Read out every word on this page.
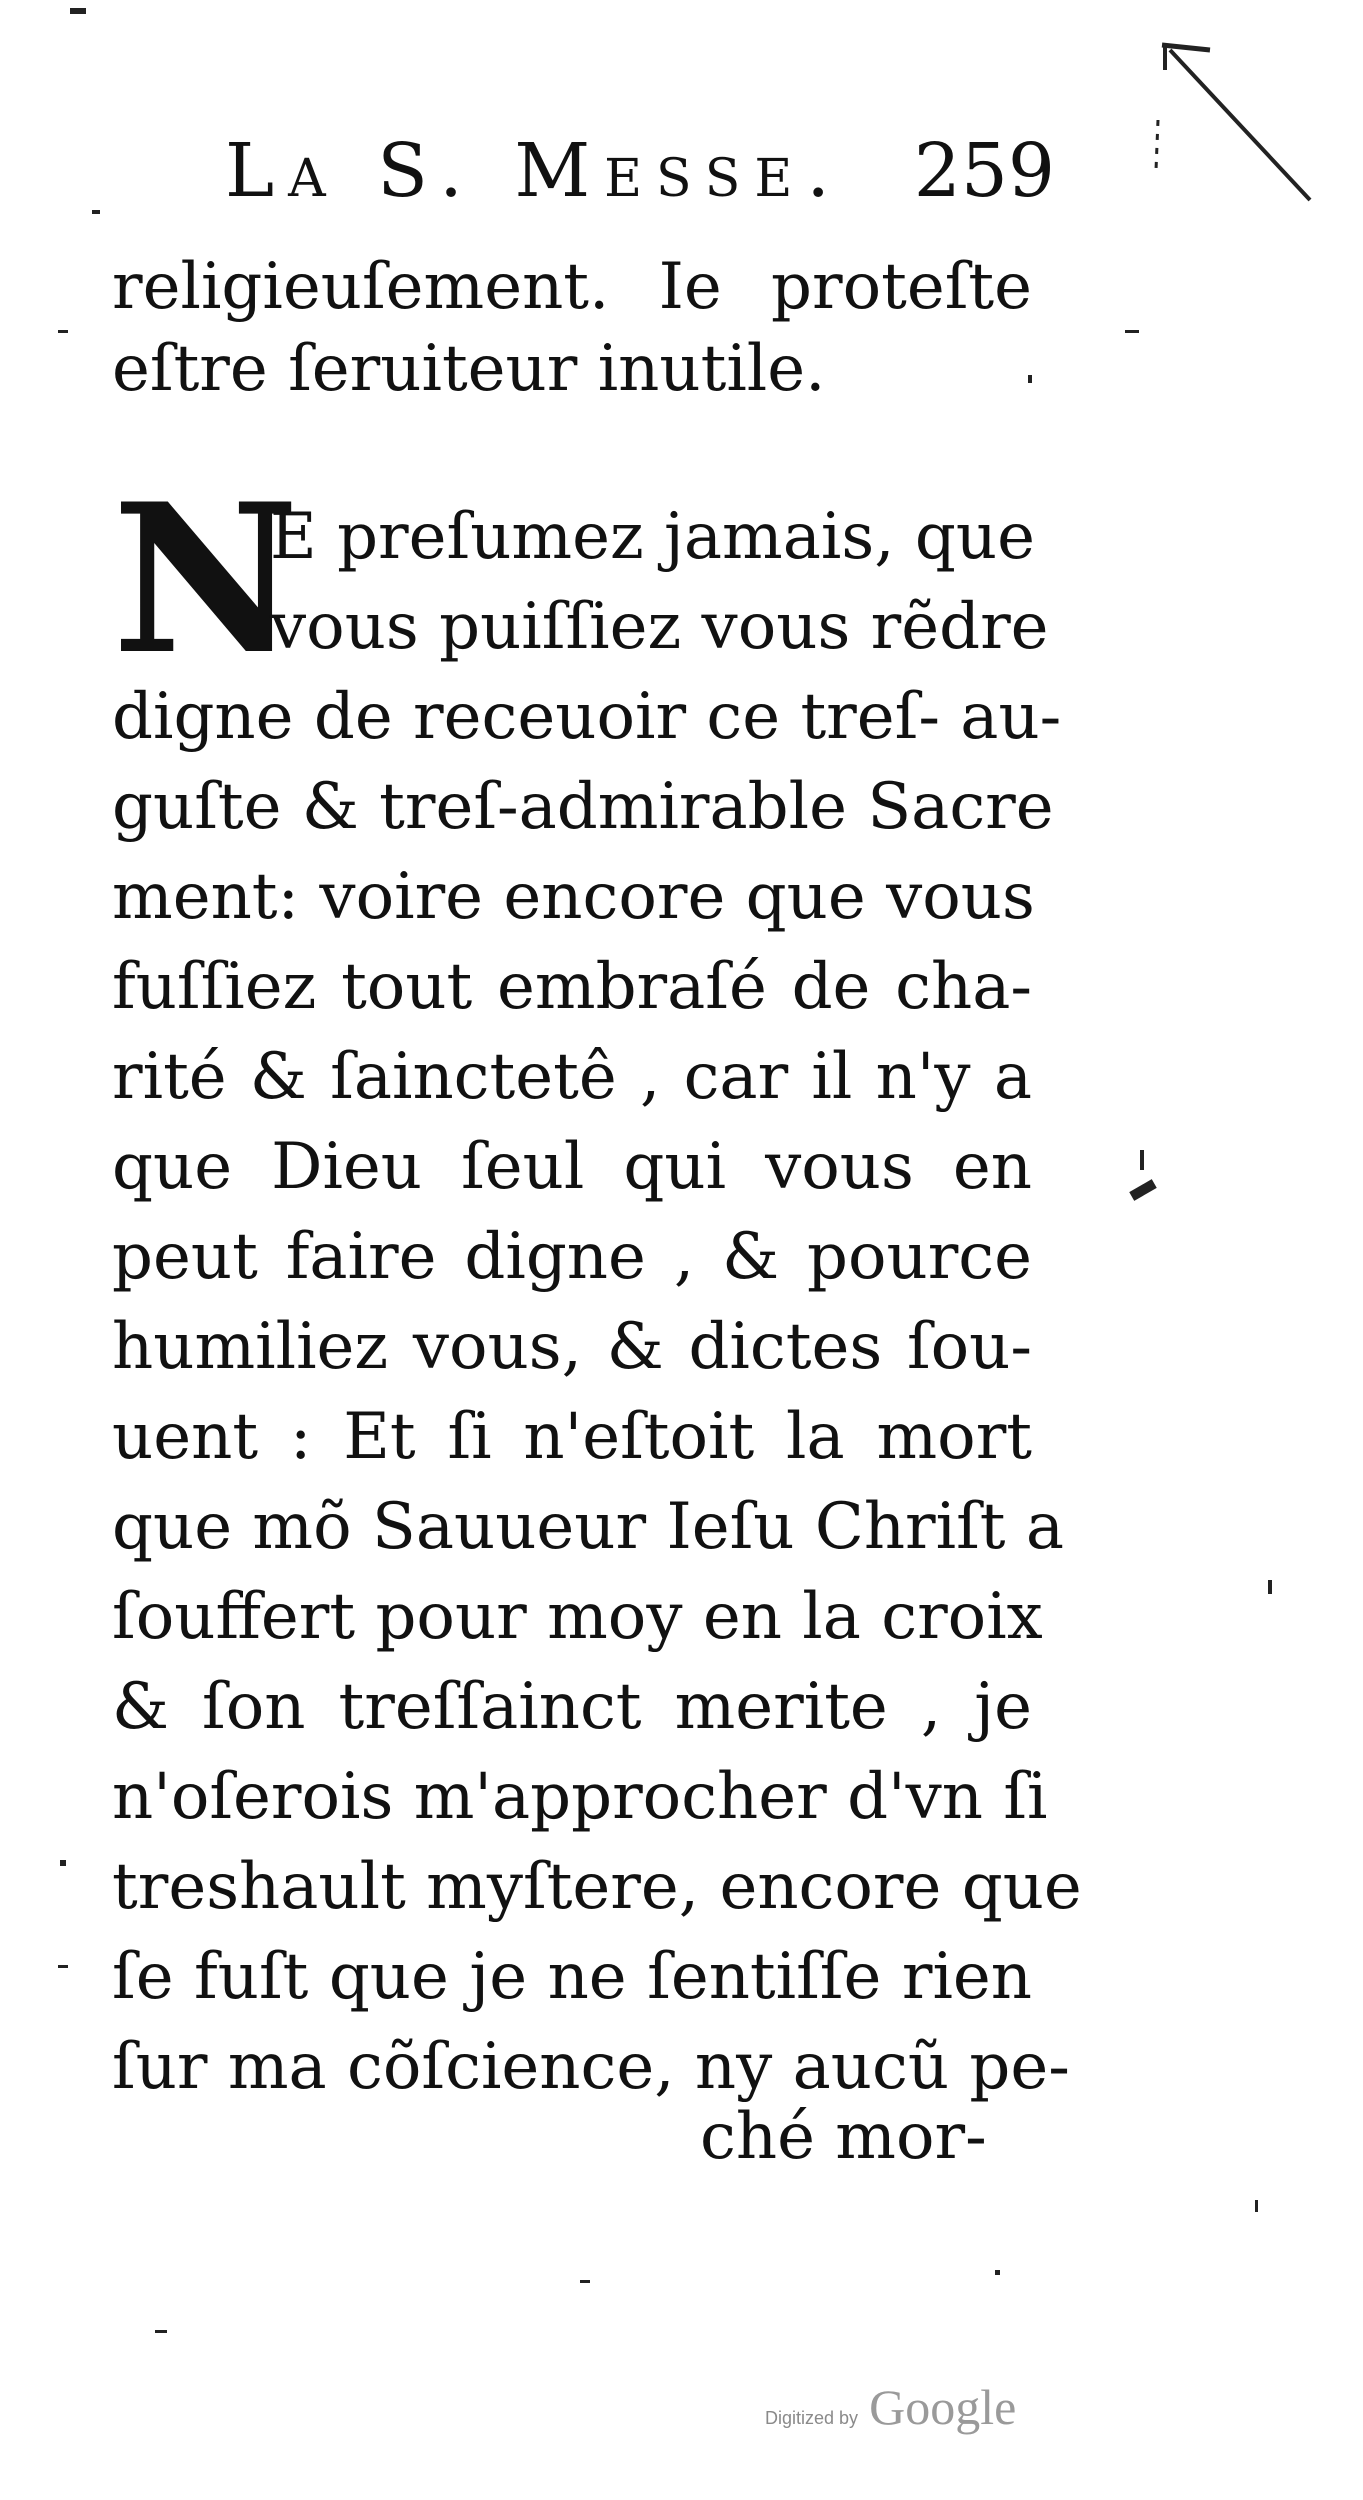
La S. Messe. 259
religieuſement. Ie proteſte
eſtre ſeruiteur inutile.
N
E preſumez jamais, que
vous puiſſiez vous rẽdre
digne de receuoir ce treſ- au-
guſte & treſ-admirable Sacre
ment: voire encore que vous
fuſſiez tout embraſé de cha-
rité & ſainctetê , car il n'y a
que Dieu ſeul qui vous en
peut faire digne , & pource
humiliez vous, & dictes ſou-
uent : Et ſi n'eſtoit la mort
que mõ Sauueur Ieſu Chriſt a
ſouffert pour moy en la croix
& ſon treſſainct merite , je
n'oſerois m'approcher d'vn ſi
treshault myſtere, encore que
ſe fuſt que je ne ſentiſſe rien
ſur ma cõſcience, ny aucũ pe-
ché mor-
Digitized by Google
